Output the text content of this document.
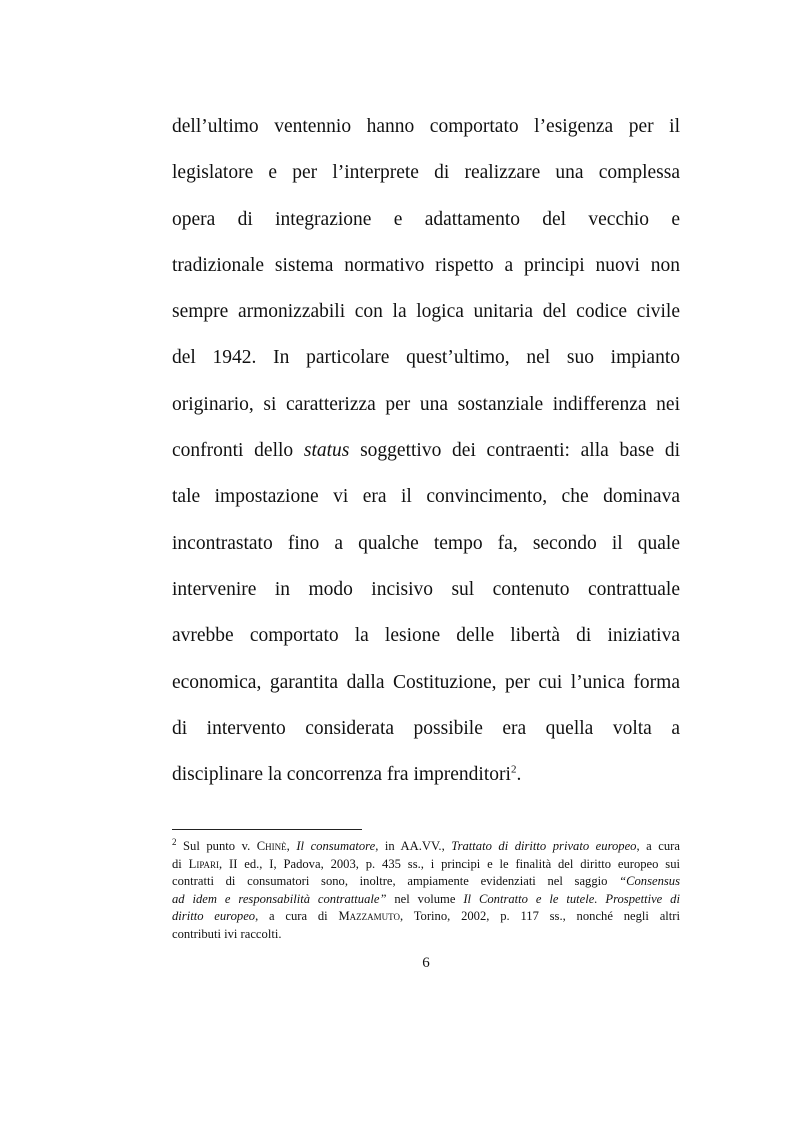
dell’ultimo ventennio hanno comportato l’esigenza per il
legislatore e per l’interprete di realizzare una complessa
opera di integrazione e adattamento del vecchio e
tradizionale sistema normativo rispetto a principi nuovi non
sempre armonizzabili con la logica unitaria del codice civile
del 1942. In particolare quest’ultimo, nel suo impianto
originario, si caratterizza per una sostanziale indifferenza nei
confronti dello status soggettivo dei contraenti: alla base di
tale impostazione vi era il convincimento, che dominava
incontrastato fino a qualche tempo fa, secondo il quale
intervenire in modo incisivo sul contenuto contrattuale
avrebbe comportato la lesione delle libertà di iniziativa
economica, garantita dalla Costituzione, per cui l’unica forma
di intervento considerata possibile era quella volta a
disciplinare la concorrenza fra imprenditori$^2$.
$^2$ Sul punto v. Chinè, Il consumatore, in AA.VV., Trattato di diritto privato europeo, a cura
di Lipari, II ed., I, Padova, 2003, p. 435 ss., i principi e le finalità del diritto europeo sui
contratti di consumatori sono, inoltre, ampiamente evidenziati nel saggio “Consensus
ad idem e responsabilità contrattuale” nel volume Il Contratto e le tutele. Prospettive di
diritto europeo, a cura di Mazzamuto, Torino, 2002, p. 117 ss., nonché negli altri
contributi ivi raccolti.
6
